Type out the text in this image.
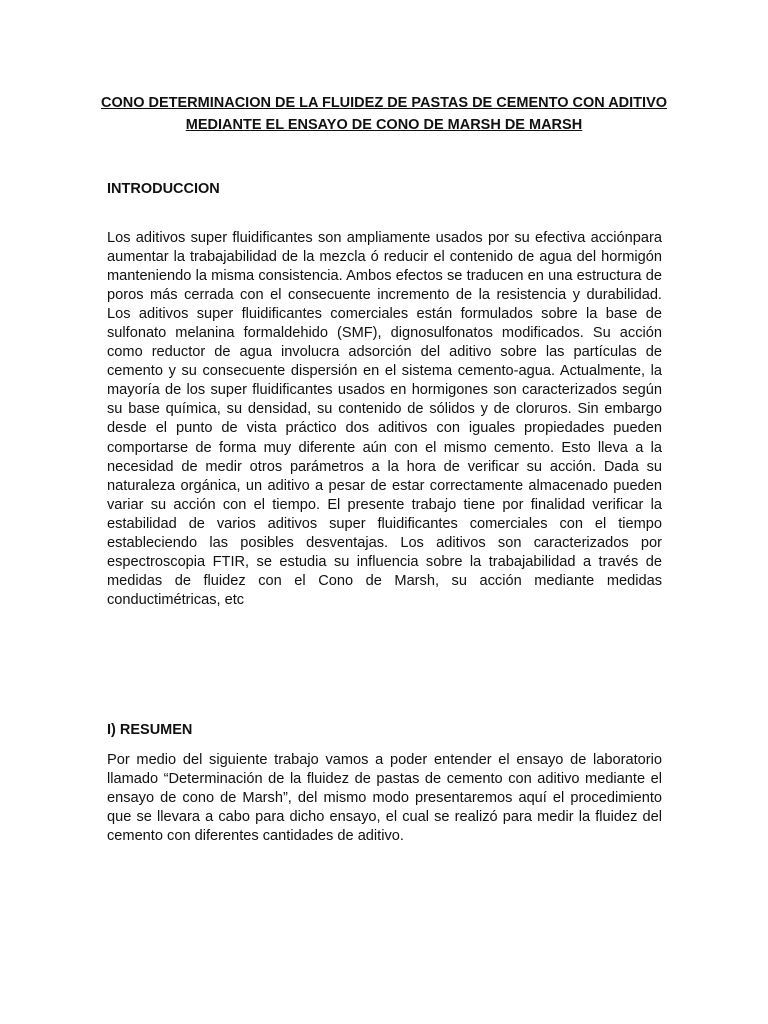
CONO DETERMINACION DE LA FLUIDEZ DE PASTAS DE CEMENTO CON ADITIVO MEDIANTE EL ENSAYO DE CONO DE MARSH DE MARSH
INTRODUCCION

Los aditivos super fluidificantes son ampliamente usados por su efectiva acciónpara aumentar la trabajabilidad de la mezcla ó reducir el contenido de agua del hormigón manteniendo la misma consistencia. Ambos efectos se traducen en una estructura de poros más cerrada con el consecuente incremento de la resistencia y durabilidad. Los aditivos super fluidificantes comerciales están formulados sobre la base de sulfonato melanina formaldehido (SMF), dignosulfonatos modificados. Su acción como reductor de agua involucra adsorción del aditivo sobre las partículas de cemento y su consecuente dispersión en el sistema cemento-agua. Actualmente, la mayoría de los super fluidificantes usados en hormigones son caracterizados según su base química, su densidad, su contenido de sólidos y de cloruros. Sin embargo desde el punto de vista práctico dos aditivos con iguales propiedades pueden comportarse de forma muy diferente aún con el mismo cemento. Esto lleva a la necesidad de medir otros parámetros a la hora de verificar su acción. Dada su naturaleza orgánica, un aditivo a pesar de estar correctamente almacenado pueden variar su acción con el tiempo. El presente trabajo tiene por finalidad verificar la estabilidad de varios aditivos super fluidificantes comerciales con el tiempo estableciendo las posibles desventajas. Los aditivos son caracterizados por espectroscopia FTIR, se estudia su influencia sobre la trabajabilidad a través de medidas de fluidez con el Cono de Marsh, su acción mediante medidas conductimétricas, etc

I) RESUMEN

Por medio del siguiente trabajo vamos a poder entender el ensayo de laboratorio llamado “Determinación de la fluidez de pastas de cemento con aditivo mediante el ensayo de cono de Marsh”, del mismo modo presentaremos aquí el procedimiento que se llevara a cabo para dicho ensayo, el cual se realizó para medir la fluidez del cemento con diferentes cantidades de aditivo.
